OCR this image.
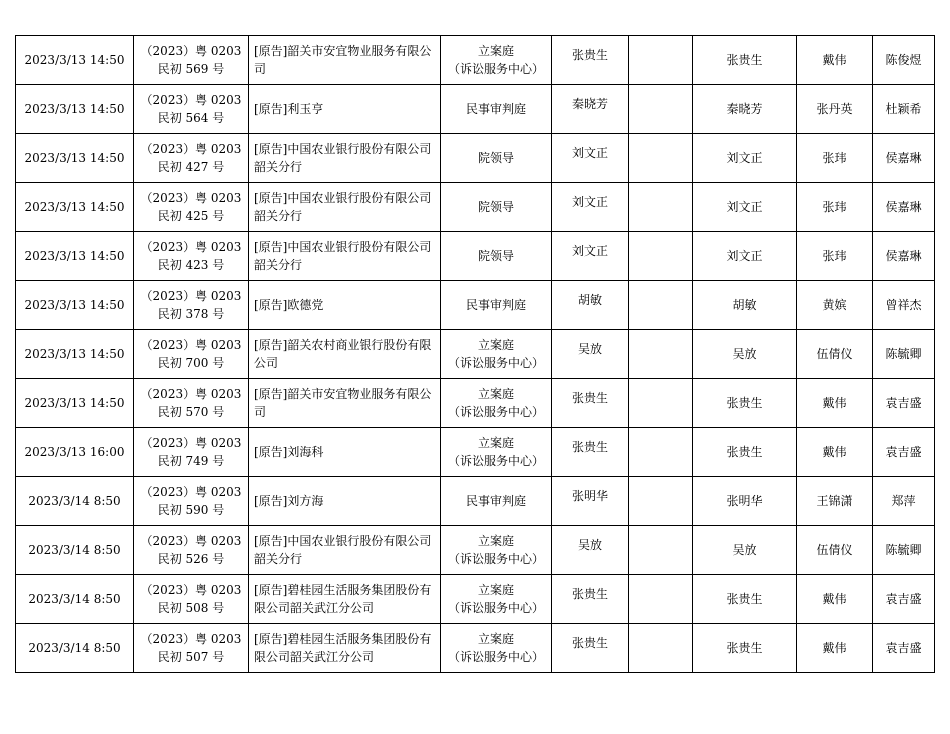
2023/3/13 14:50	（2023）粤 0203
民初 569 号	[原告]韶关市安宜物业服务有限公司	立案庭
（诉讼服务中心）	张贵生		张贵生	戴伟	陈俊煜
2023/3/13 14:50	（2023）粤 0203
民初 564 号	[原告]利玉亨	民事审判庭	秦晓芳		秦晓芳	张丹英	杜颖希
2023/3/13 14:50	（2023）粤 0203
民初 427 号	[原告]中国农业银行股份有限公司韶关分行	院领导	刘文正		刘文正	张玮	侯嘉琳
2023/3/13 14:50	（2023）粤 0203
民初 425 号	[原告]中国农业银行股份有限公司韶关分行	院领导	刘文正		刘文正	张玮	侯嘉琳
2023/3/13 14:50	（2023）粤 0203
民初 423 号	[原告]中国农业银行股份有限公司韶关分行	院领导	刘文正		刘文正	张玮	侯嘉琳
2023/3/13 14:50	（2023）粤 0203
民初 378 号	[原告]欧德党	民事审判庭	胡敏		胡敏	黄嫔	曾祥杰
2023/3/13 14:50	（2023）粤 0203
民初 700 号	[原告]韶关农村商业银行股份有限公司	立案庭
（诉讼服务中心）	吴放		吴放	伍倩仪	陈毓卿
2023/3/13 14:50	（2023）粤 0203
民初 570 号	[原告]韶关市安宜物业服务有限公司	立案庭
（诉讼服务中心）	张贵生		张贵生	戴伟	袁吉盛
2023/3/13 16:00	（2023）粤 0203
民初 749 号	[原告]刘海科	立案庭
（诉讼服务中心）	张贵生		张贵生	戴伟	袁吉盛
2023/3/14 8:50	（2023）粤 0203
民初 590 号	[原告]刘方海	民事审判庭	张明华		张明华	王锦潇	郑萍
2023/3/14 8:50	（2023）粤 0203
民初 526 号	[原告]中国农业银行股份有限公司韶关分行	立案庭
（诉讼服务中心）	吴放		吴放	伍倩仪	陈毓卿
2023/3/14 8:50	（2023）粤 0203
民初 508 号	[原告]碧桂园生活服务集团股份有限公司韶关武江分公司	立案庭
（诉讼服务中心）	张贵生		张贵生	戴伟	袁吉盛
2023/3/14 8:50	（2023）粤 0203
民初 507 号	[原告]碧桂园生活服务集团股份有限公司韶关武江分公司	立案庭
（诉讼服务中心）	张贵生		张贵生	戴伟	袁吉盛
